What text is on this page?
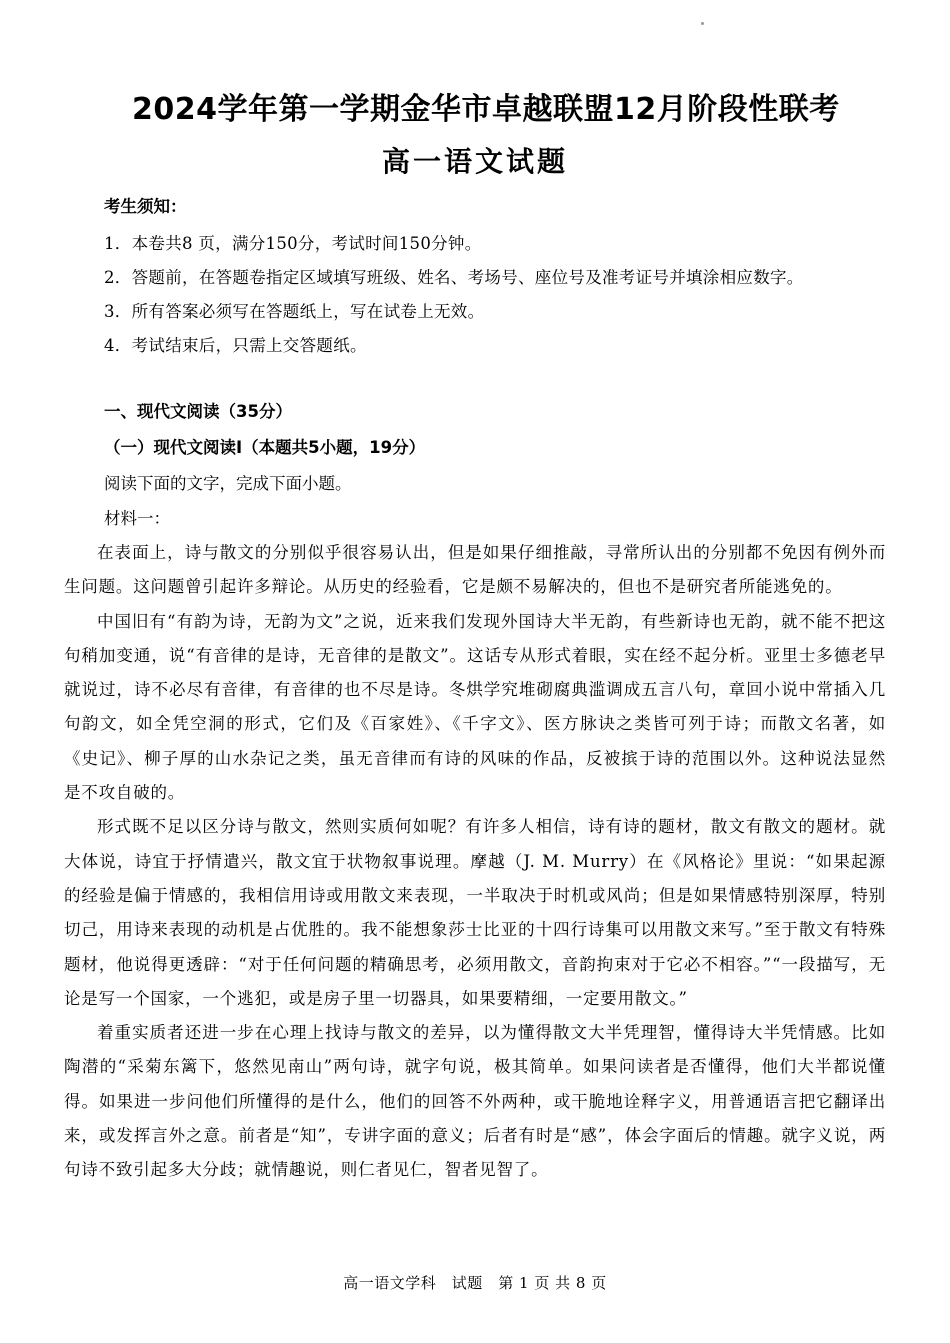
2024学年第一学期金华市卓越联盟12月阶段性联考
高一语文试题
考生须知：
1．本卷共8 页，满分150分，考试时间150分钟。
2．答题前，在答题卷指定区域填写班级、姓名、考场号、座位号及准考证号并填涂相应数字。
3．所有答案必须写在答题纸上，写在试卷上无效。
4．考试结束后，只需上交答题纸。
一、现代文阅读（35分）
（一）现代文阅读Ⅰ（本题共5小题，19分）
阅读下面的文字，完成下面小题。
材料一：

在表面上，诗与散文的分别似乎很容易认出，但是如果仔细推敲，寻常所认出的分别都不免因有例外而生问题。这问题曾引起许多辩论。从历史的经验看，它是颇不易解决的，但也不是研究者所能逃免的。

中国旧有“有韵为诗，无韵为文”之说，近来我们发现外国诗大半无韵，有些新诗也无韵，就不能不把这句稍加变通，说“有音律的是诗，无音律的是散文”。这话专从形式着眼，实在经不起分析。亚里士多德老早就说过，诗不必尽有音律，有音律的也不尽是诗。冬烘学究堆砌腐典滥调成五言八句，章回小说中常插入几句韵文，如全凭空洞的形式，它们及《百家姓》、《千字文》、医方脉诀之类皆可列于诗；而散文名著，如《史记》、柳子厚的山水杂记之类，虽无音律而有诗的风味的作品，反被摈于诗的范围以外。这种说法显然是不攻自破的。

形式既不足以区分诗与散文，然则实质何如呢？有许多人相信，诗有诗的题材，散文有散文的题材。就大体说，诗宜于抒情遣兴，散文宜于状物叙事说理。摩越（J. M. Murry）在《风格论》里说：“如果起源的经验是偏于情感的，我相信用诗或用散文来表现，一半取决于时机或风尚；但是如果情感特别深厚，特别切己，用诗来表现的动机是占优胜的。我不能想象莎士比亚的十四行诗集可以用散文来写。”至于散文有特殊题材，他说得更透辟：“对于任何问题的精确思考，必须用散文，音韵拘束对于它必不相容。”“一段描写，无论是写一个国家，一个逃犯，或是房子里一切器具，如果要精细，一定要用散文。”

着重实质者还进一步在心理上找诗与散文的差异，以为懂得散文大半凭理智，懂得诗大半凭情感。比如陶潜的“采菊东篱下，悠然见南山”两句诗，就字句说，极其简单。如果问读者是否懂得，他们大半都说懂得。如果进一步问他们所懂得的是什么，他们的回答不外两种，或干脆地诠释字义，用普通语言把它翻译出来，或发挥言外之意。前者是“知”，专讲字面的意义；后者有时是“感”，体会字面后的情趣。就字义说，两句诗不致引起多大分歧；就情趣说，则仁者见仁，智者见智了。

高一语文学科　试题　第 1 页 共 8 页
